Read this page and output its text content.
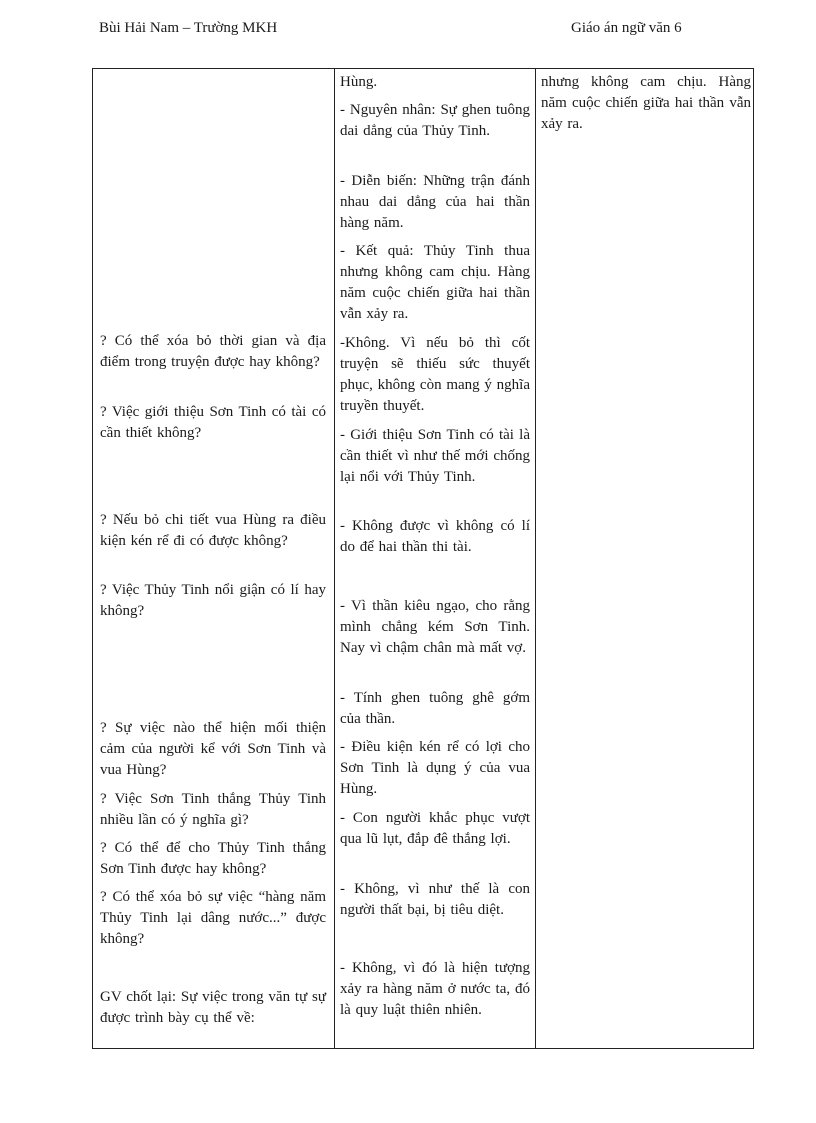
Bùi Hải Nam – Trường MKH	Giáo án ngữ văn 6

? Có thể xóa bỏ thời gian và địa điểm trong truyện được hay không?

? Việc giới thiệu Sơn Tinh có tài có cần thiết không?

? Nếu bỏ chi tiết vua Hùng ra điều kiện kén rể đi có được không?

? Việc Thủy Tinh nổi giận có lí hay không?

? Sự việc nào thể hiện mối thiện cảm của người kể với Sơn Tinh và vua Hùng?

? Việc Sơn Tinh thắng Thủy Tinh nhiều lần có ý nghĩa gì?

? Có thể để cho Thủy Tinh thắng Sơn Tinh được hay không?

? Có thể xóa bỏ sự việc “hàng năm Thủy Tinh lại dâng nước...” được không?

GV chốt lại: Sự việc trong văn tự sự được trình bày cụ thể về:

Hùng.

- Nguyên nhân: Sự ghen tuông dai dẳng của Thủy Tinh.

- Diễn biến: Những trận đánh nhau dai dẳng của hai thần hàng năm.

- Kết quả: Thủy Tinh thua nhưng không cam chịu. Hàng năm cuộc chiến giữa hai thần vẫn xảy ra.

-Không. Vì nếu bỏ thì cốt truyện sẽ thiếu sức thuyết phục, không còn mang ý nghĩa truyền thuyết.

- Giới thiệu Sơn Tinh có tài là cần thiết vì như thế mới chống lại nổi với Thủy Tinh.

- Không được vì không có lí do để hai thần thi tài.

- Vì thần kiêu ngạo, cho rằng mình chẳng kém Sơn Tinh. Nay vì chậm chân mà mất vợ.

- Tính ghen tuông ghê gớm của thần.

- Điều kiện kén rể có lợi cho Sơn Tinh là dụng ý của vua Hùng.

- Con người khắc phục vượt qua lũ lụt, đắp đê thắng lợi.

- Không, vì như thế là con người thất bại, bị tiêu diệt.

- Không, vì đó là hiện tượng xảy ra hàng năm ở nước ta, đó là quy luật thiên nhiên.

nhưng không cam chịu. Hàng năm cuộc chiến giữa hai thần vẫn xảy ra.
